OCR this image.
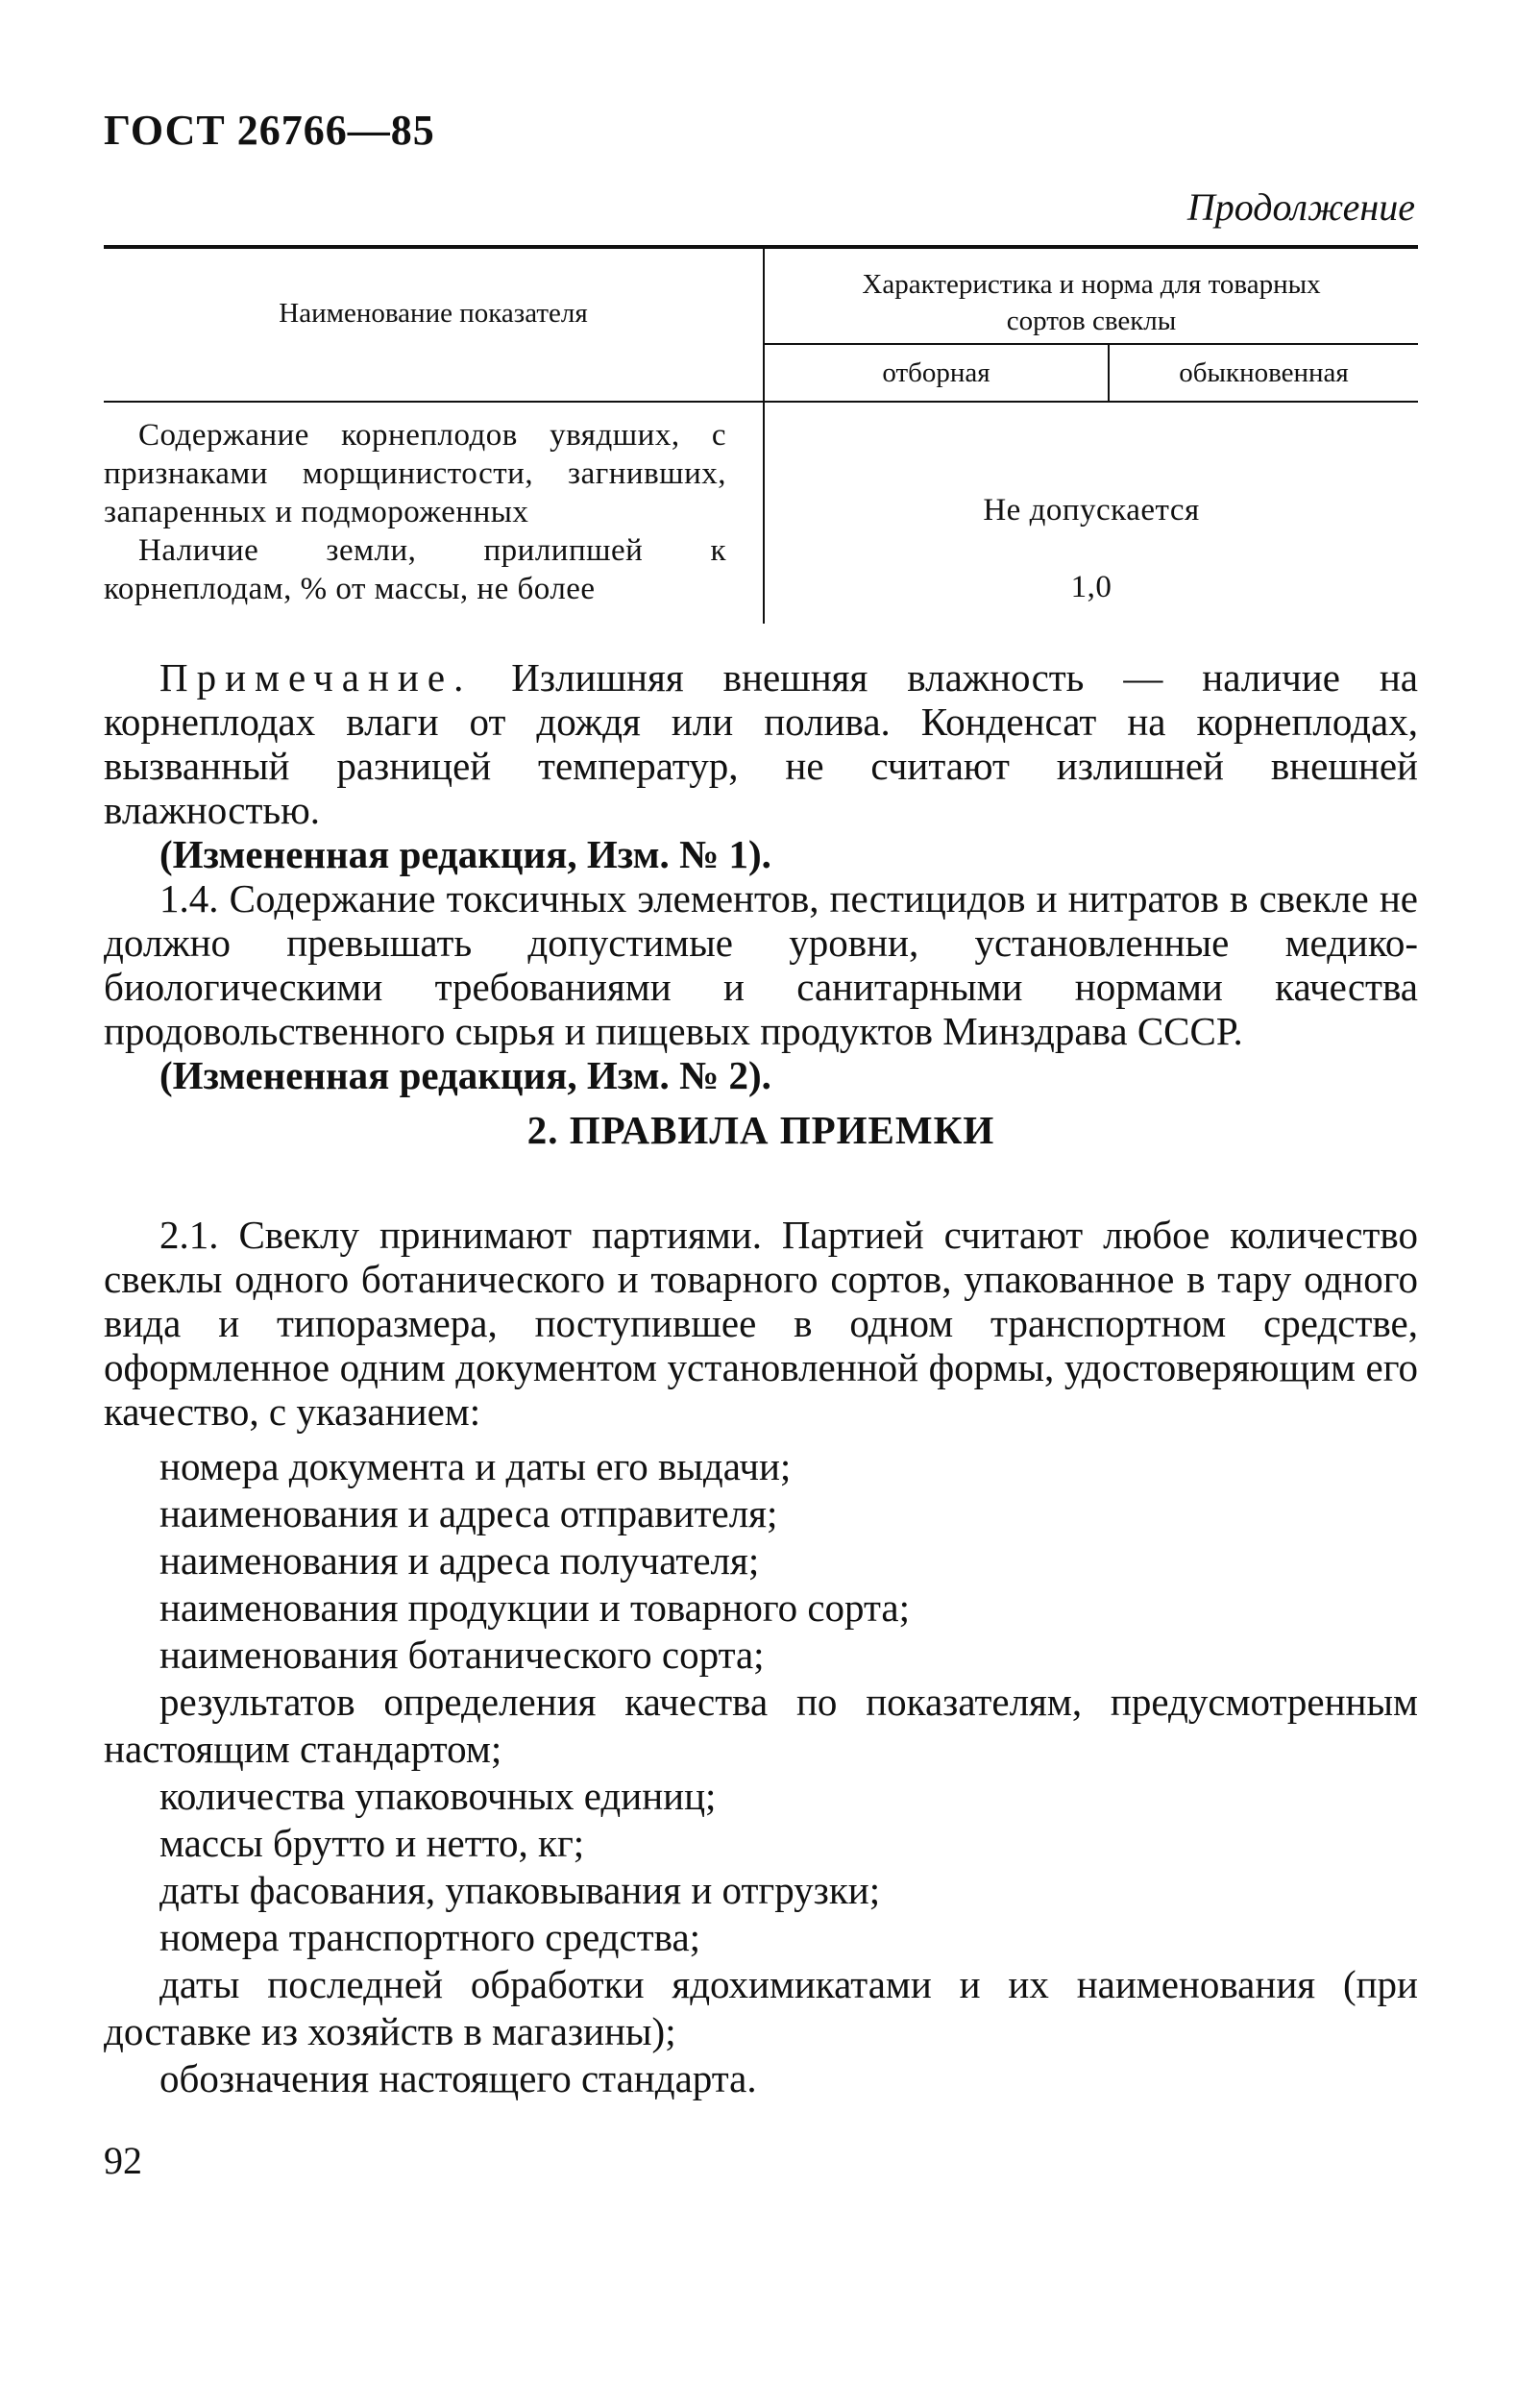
ГОСТ 26766—85
Продолжение
Наименование показателя
Характеристика и норма для товарных
сортов свеклы
отборная	обыкновенная

Содержание корнеплодов увядших, с признаками морщинистости, загнивших, запаренных и подмороженных

Наличие земли, прилипшей к корнеплодам, % от массы, не более

Не допускается
1,0

Примечание. Излишняя внешняя влажность — наличие на корнеплодах влаги от дождя или полива. Конденсат на корнеплодах, вызванный разницей температур, не считают излишней внешней влажностью.

(Измененная редакция, Изм. № 1).

1.4. Содержание токсичных элементов, пестицидов и нитратов в свекле не должно превышать допустимые уровни, установленные медико-биологическими требованиями и санитарными нормами качества продовольственного сырья и пищевых продуктов Минздрава СССР.

(Измененная редакция, Изм. № 2).

2. ПРАВИЛА ПРИЕМКИ

2.1. Свеклу принимают партиями. Партией считают любое количество свеклы одного ботанического и товарного сортов, упакованное в тару одного вида и типоразмера, поступившее в одном транспортном средстве, оформленное одним документом установленной формы, удостоверяющим его качество, с указанием:

номера документа и даты его выдачи;
наименования и адреса отправителя;
наименования и адреса получателя;
наименования продукции и товарного сорта;
наименования ботанического сорта;
результатов определения качества по показателям, предусмотренным настоящим стандартом;
количества упаковочных единиц;
массы брутто и нетто, кг;
даты фасования, упаковывания и отгрузки;
номера транспортного средства;
даты последней обработки ядохимикатами и их наименования (при доставке из хозяйств в магазины);
обозначения настоящего стандарта.
92
